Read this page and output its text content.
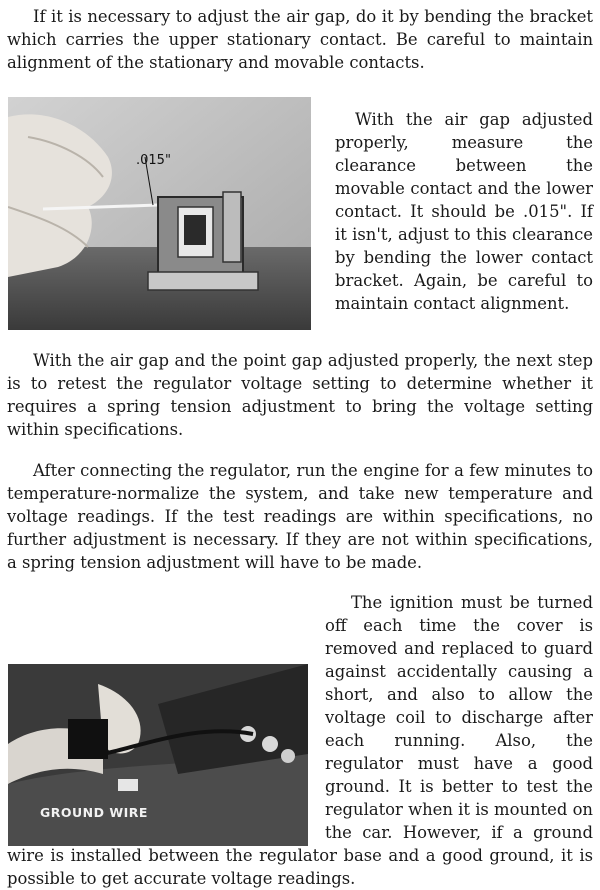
If it is necessary to adjust the air gap, do it by bending the bracket which carries the upper stationary contact. Be careful to maintain alignment of the stationary and movable contacts.

.015"

With the air gap adjusted properly, measure the clearance between the movable contact and the lower contact. It should be .015". If it isn't, adjust to this clearance by bending the lower contact bracket. Again, be careful to maintain contact alignment.

With the air gap and the point gap adjusted properly, the next step is to retest the regulator voltage setting to determine whether it requires a spring tension adjustment to bring the voltage setting within specifications.

After connecting the regulator, run the engine for a few minutes to temperature-normalize the system, and take new temperature and voltage readings. If the test readings are within specifications, no further adjustment is necessary. If they are not within specifications, a spring tension adjustment will have to be made.

GROUND WIRE

The ignition must be turned off each time the cover is removed and replaced to guard against accidentally causing a short, and also to allow the voltage coil to discharge after each running. Also, the regulator must have a good ground. It is better to test the regulator when it is mounted on the car. However, if a ground wire is installed between the regulator base and a good ground, it is possible to get accurate voltage readings.
